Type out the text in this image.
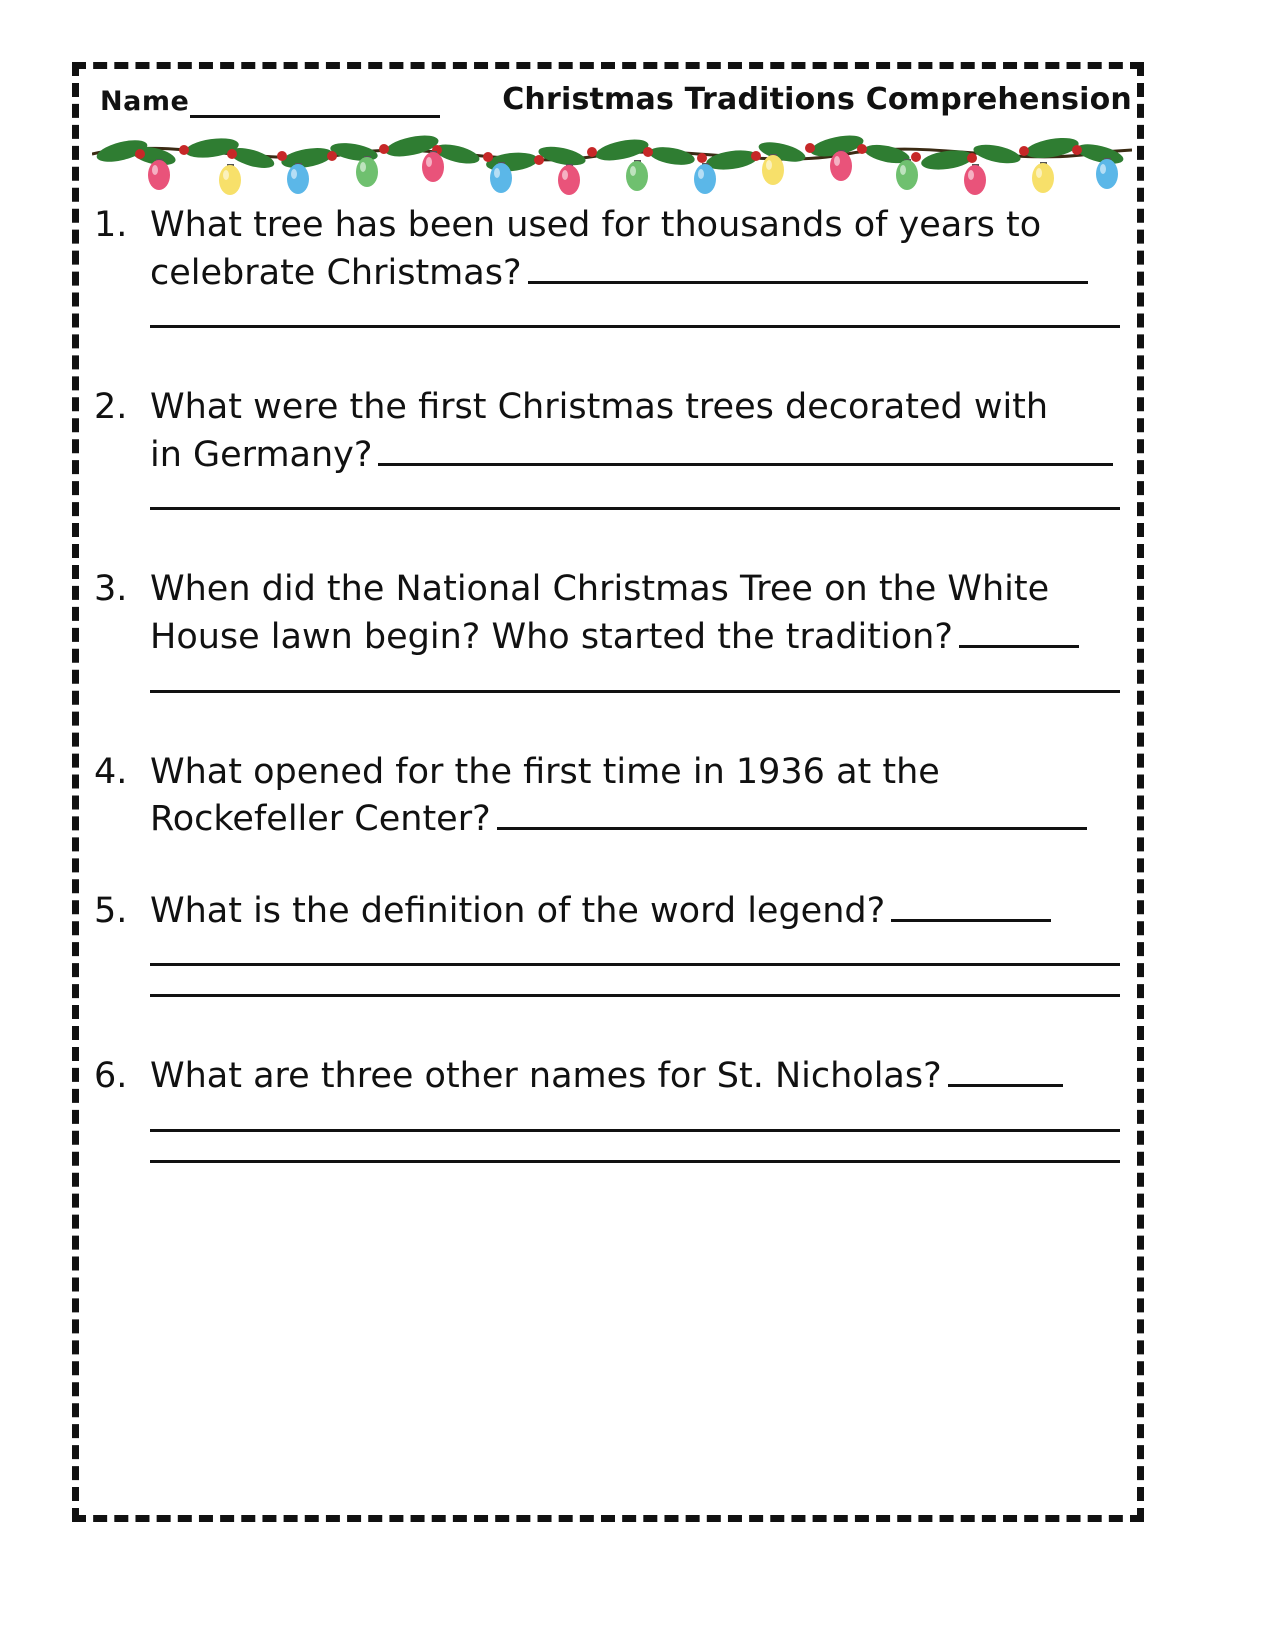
Name	Christmas Traditions Comprehension
1. What tree has been used for thousands of years to
celebrate Christmas?
2. What were the first Christmas trees decorated with
in Germany?
3. When did the National Christmas Tree on the White
House lawn begin? Who started the tradition?
4. What opened for the first time in 1936 at the
Rockefeller Center?
5. What is the definition of the word legend?
6. What are three other names for St. Nicholas?
